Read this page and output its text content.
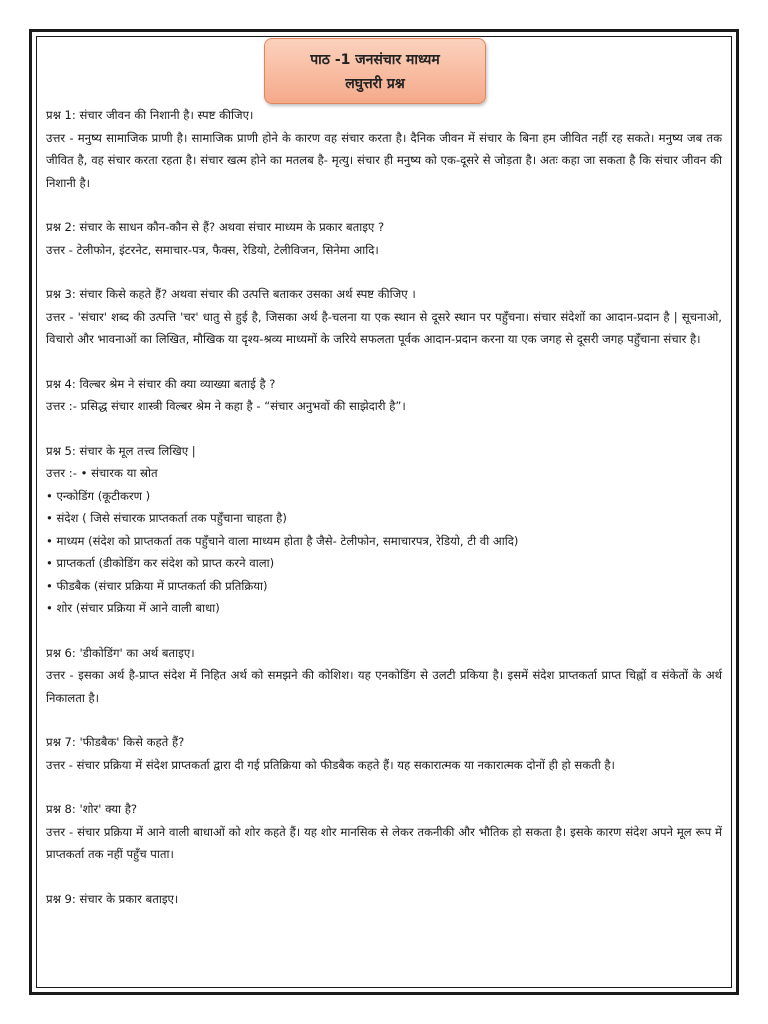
पाठ -1 जनसंचार माध्यम
लघुत्तरी प्रश्न

प्रश्न 1: संचार जीवन की निशानी है। स्पष्ट कीजिए।

उत्तर - मनुष्य सामाजिक प्राणी है। सामाजिक प्राणी होने के कारण वह संचार करता है। दैनिक जीवन में संचार के बिना हम जीवित नहीं रह सकते। मनुष्य जब तक जीवित है, वह संचार करता रहता है। संचार खत्म होने का मतलब है- मृत्यु। संचार ही मनुष्य को एक-दूसरे से जोड़ता है। अतः कहा जा सकता है कि संचार जीवन की निशानी है।

प्रश्न 2: संचार के साधन कौन-कौन से हैं? अथवा संचार माध्यम के प्रकार बताइए ?

उत्तर - टेलीफोन, इंटरनेट, समाचार-पत्र, फैक्स, रेडियो, टेलीविजन, सिनेमा आदि।

प्रश्न 3: संचार किसे कहते हैं? अथवा संचार की उत्पत्ति बताकर उसका अर्थ स्पष्ट कीजिए ।

उत्तर - 'संचार' शब्द की उत्पत्ति 'चर' धातु से हुई है, जिसका अर्थ है-चलना या एक स्थान से दूसरे स्थान पर पहुँचना। संचार संदेशों का आदान-प्रदान है | सूचनाओ, विचारो और भावनाओं का लिखित, मौखिक या दृश्य-श्रव्य माध्यमों के जरिये सफलता पूर्वक आदान-प्रदान करना या एक जगह से दूसरी जगह पहुँचाना संचार है।

प्रश्न 4: विल्बर श्रेम ने संचार की क्या व्याख्या बताई है ?

उत्तर :- प्रसिद्ध संचार शास्त्री विल्बर श्रेम ने कहा है - “संचार अनुभवों की साझेदारी है”।

प्रश्न 5: संचार के मूल तत्त्व लिखिए |

उत्तर :- • संचारक या स्रोत

• एन्कोडिंग (कूटीकरण )

• संदेश ( जिसे संचारक प्राप्तकर्ता तक पहुँचाना चाहता है)

• माध्यम (संदेश को प्राप्तकर्ता तक पहुँचाने वाला माध्यम होता है जैसे- टेलीफोन, समाचारपत्र, रेडियो, टी वी आदि)

• प्राप्तकर्ता (डीकोडिंग कर संदेश को प्राप्त करने वाला)

• फीडबैक (संचार प्रक्रिया में प्राप्तकर्ता की प्रतिक्रिया)

• शोर (संचार प्रक्रिया में आने वाली बाधा)

प्रश्न 6: 'डीकोडिंग' का अर्थ बताइए।

उत्तर - इसका अर्थ है-प्राप्त संदेश में निहित अर्थ को समझने की कोशिश। यह एनकोडिंग से उलटी प्रकिया है। इसमें संदेश प्राप्तकर्ता प्राप्त चिह्नों व संकेतों के अर्थ निकालता है।

प्रश्न 7: 'फीडबैक' किसे कहते हैं?

उत्तर - संचार प्रक्रिया में संदेश प्राप्तकर्ता द्वारा दी गई प्रतिक्रिया को फीडबैक कहते हैं। यह सकारात्मक या नकारात्मक दोनों ही हो सकती है।

प्रश्न 8: 'शोर' क्या है?

उत्तर - संचार प्रक्रिया में आने वाली बाधाओं को शोर कहते हैं। यह शोर मानसिक से लेकर तकनीकी और भौतिक हो सकता है। इसके कारण संदेश अपने मूल रूप में प्राप्तकर्ता तक नहीं पहुँच पाता।

प्रश्न 9: संचार के प्रकार बताइए।
